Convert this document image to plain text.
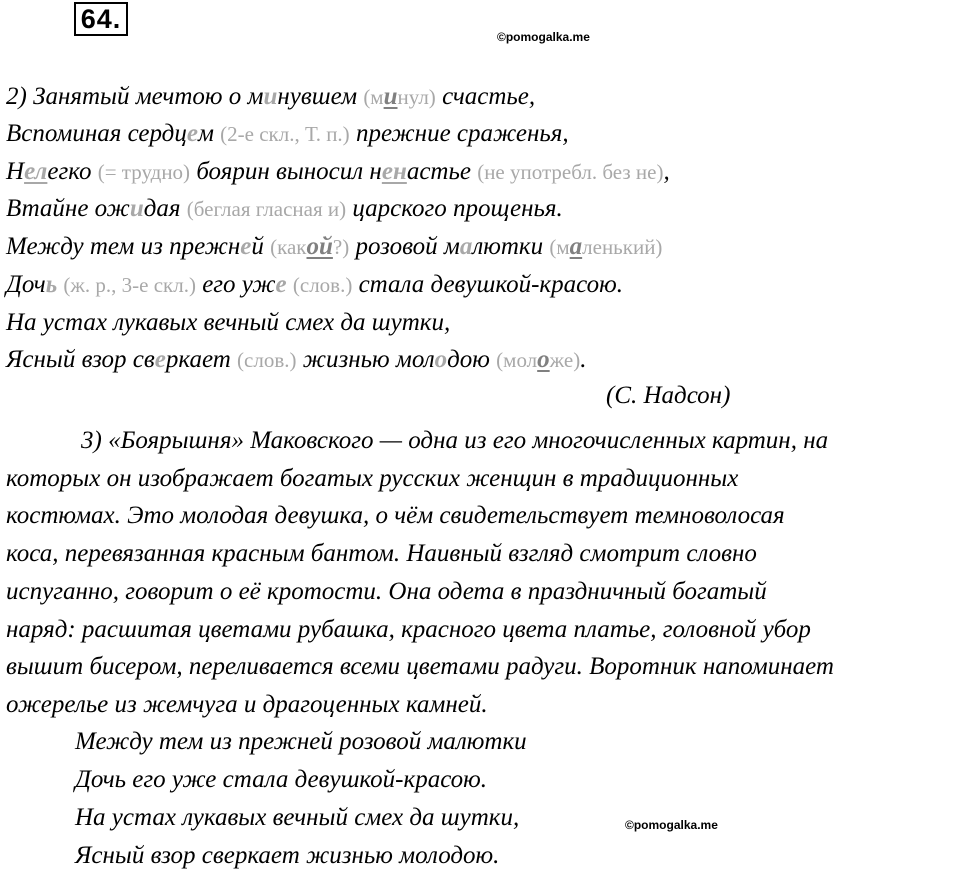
64.
©pomogalka.me
2) Занятый мечтою о минувшем (минул) счастье,
Вспоминая сердцем (2-е скл., Т. п.) прежние сраженья,
Нелегко (= трудно) боярин выносил ненастье (не употребл. без не),
Втайне ожидая (беглая гласная и) царского прощенья.
Между тем из прежней (какой?) розовой малютки (маленький)
Дочь (ж. р., 3-е скл.) его уже (слов.) стала девушкой-красою.
На устах лукавых вечный смех да шутки,
Ясный взор сверкает (слов.) жизнью молодою (моложе).
(С. Надсон)
3) «Боярышня» Маковского — одна из его многочисленных картин, на
которых он изображает богатых русских женщин в традиционных
костюмах. Это молодая девушка, о чём свидетельствует темноволосая
коса, перевязанная красным бантом. Наивный взгляд смотрит словно
испуганно, говорит о её кротости. Она одета в праздничный богатый
наряд: расшитая цветами рубашка, красного цвета платье, головной убор
вышит бисером, переливается всеми цветами радуги. Воротник напоминает
ожерелье из жемчуга и драгоценных камней.
Между тем из прежней розовой малютки
Дочь его уже стала девушкой-красою.
На устах лукавых вечный смех да шутки,
Ясный взор сверкает жизнью молодою.
©pomogalka.me
